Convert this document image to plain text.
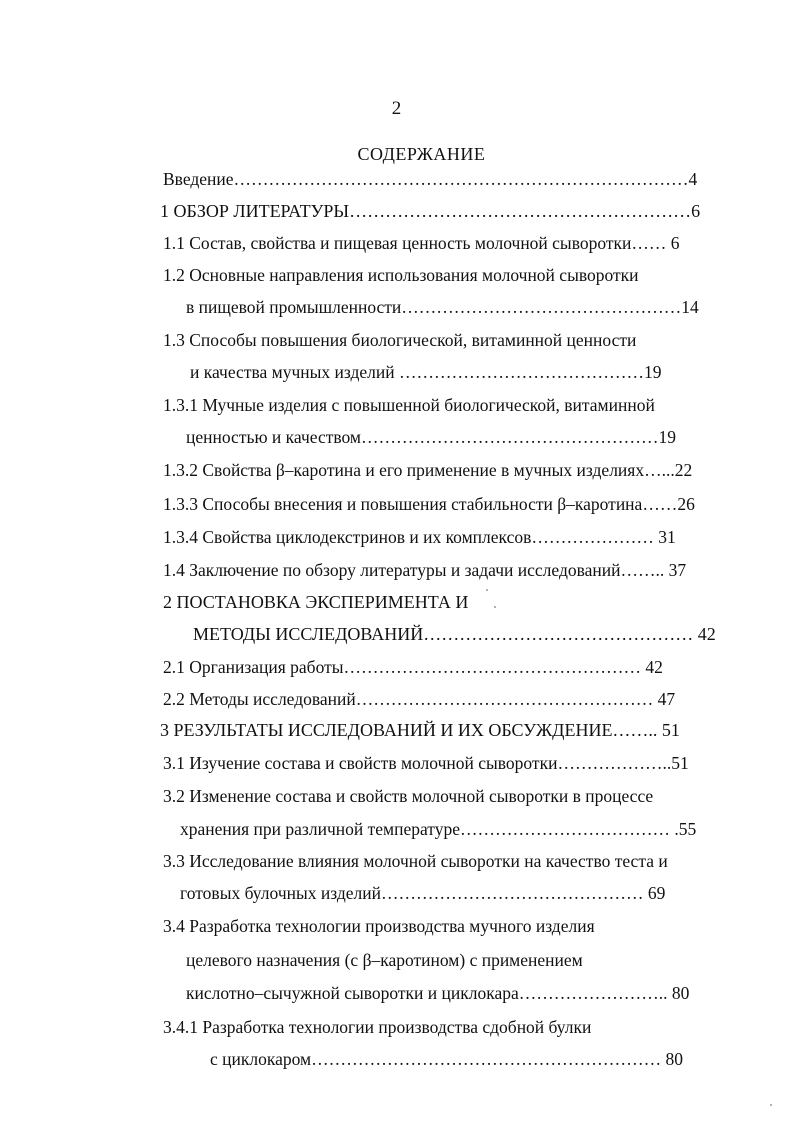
2
СОДЕРЖАНИЕ
Введение……………………………………………………………………4
1 ОБЗОР ЛИТЕРАТУРЫ…………………………………………………6
1.1 Состав, свойства и пищевая ценность молочной сыворотки…… 6
1.2 Основные направления использования молочной сыворотки
в пищевой промышленности…………………………………………14
1.3 Способы повышения биологической, витаминной ценности
и качества мучных изделий ……………………………………19
1.3.1 Мучные изделия с повышенной биологической, витаминной
ценностью и качеством……………………………………………19
1.3.2 Свойства β–каротина и его применение в мучных изделиях…...22
1.3.3 Способы внесения и повышения стабильности β–каротина……26
1.3.4 Свойства циклодекстринов и их комплексов………………… 31
1.4 Заключение по обзору литературы и задачи исследований…….. 37
2 ПОСТАНОВКА ЭКСПЕРИМЕНТА И
МЕТОДЫ ИССЛЕДОВАНИЙ……………………………………… 42
2.1 Организация работы…………………………………………… 42
2.2 Методы исследований…………………………………………… 47
3 РЕЗУЛЬТАТЫ ИССЛЕДОВАНИЙ И ИХ ОБСУЖДЕНИЕ…….. 51
3.1 Изучение состава и свойств молочной сыворотки………………..51
3.2 Изменение состава и свойств молочной сыворотки в процессе
хранения при различной температуре……………………………… .55
3.3 Исследование влияния молочной сыворотки на качество теста и
готовых булочных изделий……………………………………… 69
3.4 Разработка технологии производства мучного изделия
целевого назначения (с β–каротином) с применением
кислотно–сычужной сыворотки и циклокара…………………….. 80
3.4.1 Разработка технологии производства сдобной булки
с циклокаром…………………………………………………… 80
